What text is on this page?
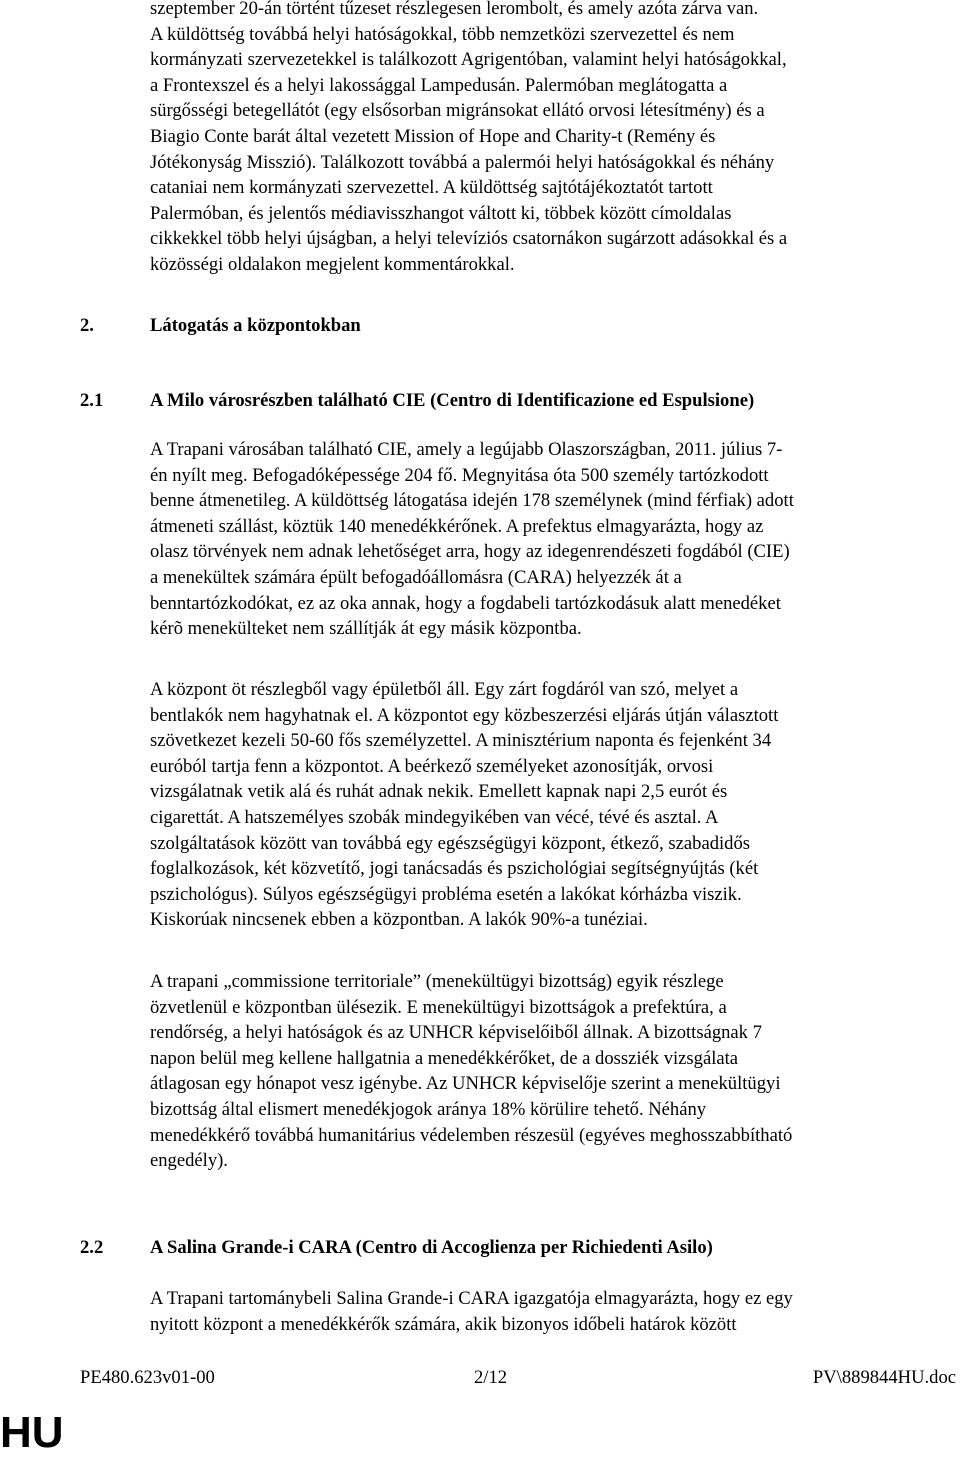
szeptember 20-án történt tűzeset részlegesen lerombolt, és amely azóta zárva van.

A küldöttség továbbá helyi hatóságokkal, több nemzetközi szervezettel és nem

kormányzati szervezetekkel is találkozott Agrigentóban, valamint helyi hatóságokkal,

a Frontexszel és a helyi lakossággal Lampedusán. Palermóban meglátogatta a

sürgősségi betegellátót (egy elsősorban migránsokat ellátó orvosi létesítmény) és a

Biagio Conte barát által vezetett Mission of Hope and Charity-t (Remény és

Jótékonyság Misszió). Találkozott továbbá a palermói helyi hatóságokkal és néhány

cataniai nem kormányzati szervezettel. A küldöttség sajtótájékoztatót tartott

Palermóban, és jelentős médiavisszhangot váltott ki, többek között címoldalas

cikkekkel több helyi újságban, a helyi televíziós csatornákon sugárzott adásokkal és a

közösségi oldalakon megjelent kommentárokkal.

2.	Látogatás a központokban
2.1	A Milo városrészben található CIE (Centro di Identificazione ed Espulsione)

A Trapani városában található CIE, amely a legújabb Olaszországban, 2011. július 7-

én nyílt meg. Befogadóképessége 204 fő. Megnyitása óta 500 személy tartózkodott

benne átmenetileg. A küldöttség látogatása idején 178 személynek (mind férfiak) adott

átmeneti szállást, köztük 140 menedékkérőnek. A prefektus elmagyarázta, hogy az

olasz törvények nem adnak lehetőséget arra, hogy az idegenrendészeti fogdából (CIE)

a menekültek számára épült befogadóállomásra (CARA) helyezzék át a

benntartózkodókat, ez az oka annak, hogy a fogdabeli tartózkodásuk alatt menedéket

kérõ menekülteket nem szállítják át egy másik központba.

A központ öt részlegből vagy épületből áll. Egy zárt fogdáról van szó, melyet a

bentlakók nem hagyhatnak el. A központot egy közbeszerzési eljárás útján választott

szövetkezet kezeli 50-60 fős személyzettel. A minisztérium naponta és fejenként 34

euróból tartja fenn a központot. A beérkező személyeket azonosítják, orvosi

vizsgálatnak vetik alá és ruhát adnak nekik. Emellett kapnak napi 2,5 eurót és

cigarettát. A hatszemélyes szobák mindegyikében van vécé, tévé és asztal. A

szolgáltatások között van továbbá egy egészségügyi központ, étkező, szabadidős

foglalkozások, két közvetítő, jogi tanácsadás és pszichológiai segítségnyújtás (két

pszichológus). Súlyos egészségügyi probléma esetén a lakókat kórházba viszik.

Kiskorúak nincsenek ebben a központban. A lakók 90%-a tunéziai.

A trapani „commissione territoriale” (menekültügyi bizottság) egyik részlege

özvetlenül e központban ülésezik. E menekültügyi bizottságok a prefektúra, a

rendőrség, a helyi hatóságok és az UNHCR képviselőiből állnak. A bizottságnak 7

napon belül meg kellene hallgatnia a menedékkérőket, de a dossziék vizsgálata

átlagosan egy hónapot vesz igénybe. Az UNHCR képviselője szerint a menekültügyi

bizottság által elismert menedékjogok aránya 18% körülire tehető. Néhány

menedékkérő továbbá humanitárius védelemben részesül (egyéves meghosszabbítható

engedély).

2.2	A Salina Grande-i CARA (Centro di Accoglienza per Richiedenti Asilo)

A Trapani tartománybeli Salina Grande-i CARA igazgatója elmagyarázta, hogy ez egy

nyitott központ a menedékkérők számára, akik bizonyos időbeli határok között

PE480.623v01-00	2/12	PV\889844HU.doc
HU
